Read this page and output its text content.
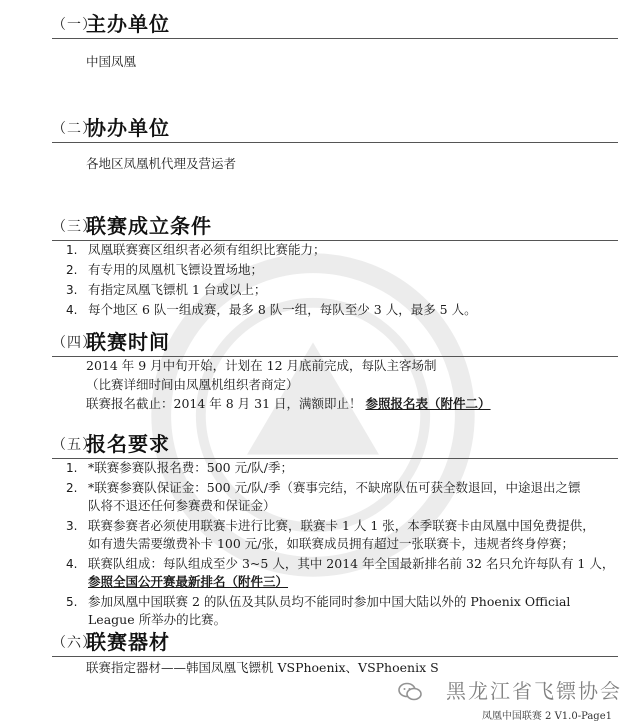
（一）
主办单位
中国凤凰
（二）
协办单位
各地区凤凰机代理及营运者
（三）
联赛成立条件
1. 凤凰联赛赛区组织者必须有组织比赛能力；
2. 有专用的凤凰机飞镖设置场地；
3. 有指定凤凰飞镖机 1 台或以上；
4. 每个地区 6 队一组成赛，最多 8 队一组，每队至少 3 人，最多 5 人。
（四）
联赛时间
2014 年 9 月中旬开始，计划在 12 月底前完成，每队主客场制
（比赛详细时间由凤凰机组织者商定）
联赛报名截止：2014 年 8 月 31 日，满额即止！ 参照报名表（附件二）
（五）
报名要求
1. *联赛参赛队报名费：500 元/队/季；
2. *联赛参赛队保证金：500 元/队/季（赛事完结，不缺席队伍可获全数退回，中途退出之镖
队将不退还任何参赛费和保证金）
3. 联赛参赛者必须使用联赛卡进行比赛，联赛卡 1 人 1 张，本季联赛卡由凤凰中国免费提供，
如有遗失需要缴费补卡 100 元/张，如联赛成员拥有超过一张联赛卡，违规者终身停赛；
4. 联赛队组成：每队组成至少 3~5 人，其中 2014 年全国最新排名前 32 名只允许每队有 1 人，
参照全国公开赛最新排名（附件三）
5. 参加凤凰中国联赛 2 的队伍及其队员均不能同时参加中国大陆以外的 Phoenix Official
League 所举办的比赛。
（六）
联赛器材
联赛指定器材——韩国凤凰飞镖机 VSPhoenix、VSPhoenix S
黑龙江省飞镖协会
凤凰中国联赛 2 V1.0-Page1
